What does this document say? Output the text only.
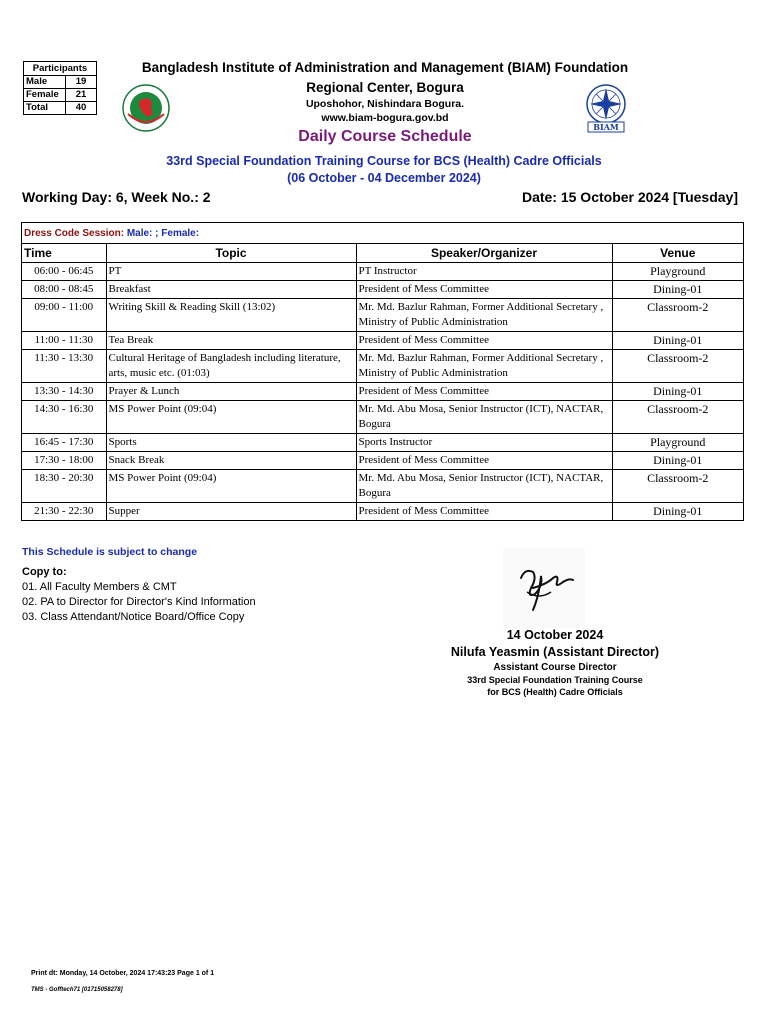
Participants	
Male	19
Female	21
Total	40
BIAM
Bangladesh Institute of Administration and Management (BIAM) Foundation
Regional Center, Bogura
Uposhohor, Nishindara Bogura.
www.biam-bogura.gov.bd
Daily Course Schedule
33rd Special Foundation Training Course for BCS (Health) Cadre Officials
(06 October - 04 December 2024)
Working Day: 6, Week No.: 2	Date: 15 October 2024 [Tuesday]
Dress Code Session: Male: ; Female:
Time	Topic	Speaker/Organizer	Venue
06:00 - 06:45	PT	PT Instructor	Playground
08:00 - 08:45	Breakfast	President of Mess Committee	Dining-01
09:00 - 11:00	Writing Skill & Reading Skill (13:02)	Mr. Md. Bazlur Rahman, Former Additional Secretary , Ministry of Public Administration	Classroom-2
11:00 - 11:30	Tea Break	President of Mess Committee	Dining-01
11:30 - 13:30	Cultural Heritage of Bangladesh including literature, arts, music etc. (01:03)	Mr. Md. Bazlur Rahman, Former Additional Secretary , Ministry of Public Administration	Classroom-2
13:30 - 14:30	Prayer & Lunch	President of Mess Committee	Dining-01
14:30 - 16:30	MS Power Point (09:04)	Mr. Md. Abu Mosa, Senior Instructor (ICT), NACTAR, Bogura	Classroom-2
16:45 - 17:30	Sports	Sports Instructor	Playground
17:30 - 18:00	Snack Break	President of Mess Committee	Dining-01
18:30 - 20:30	MS Power Point (09:04)	Mr. Md. Abu Mosa, Senior Instructor (ICT), NACTAR, Bogura	Classroom-2
21:30 - 22:30	Supper	President of Mess Committee	Dining-01
This Schedule is subject to change
Copy to:
01. All Faculty Members & CMT
02. PA to Director for Director's Kind Information
03. Class Attendant/Notice Board/Office Copy
14 October 2024
Nilufa Yeasmin (Assistant Director)
Assistant Course Director
33rd Special Foundation Training Course
for BCS (Health) Cadre Officials
Print dt: Monday, 14 October, 2024 17:43:23 Page 1 of 1
TMS - Gofftech71 [01715058278]
